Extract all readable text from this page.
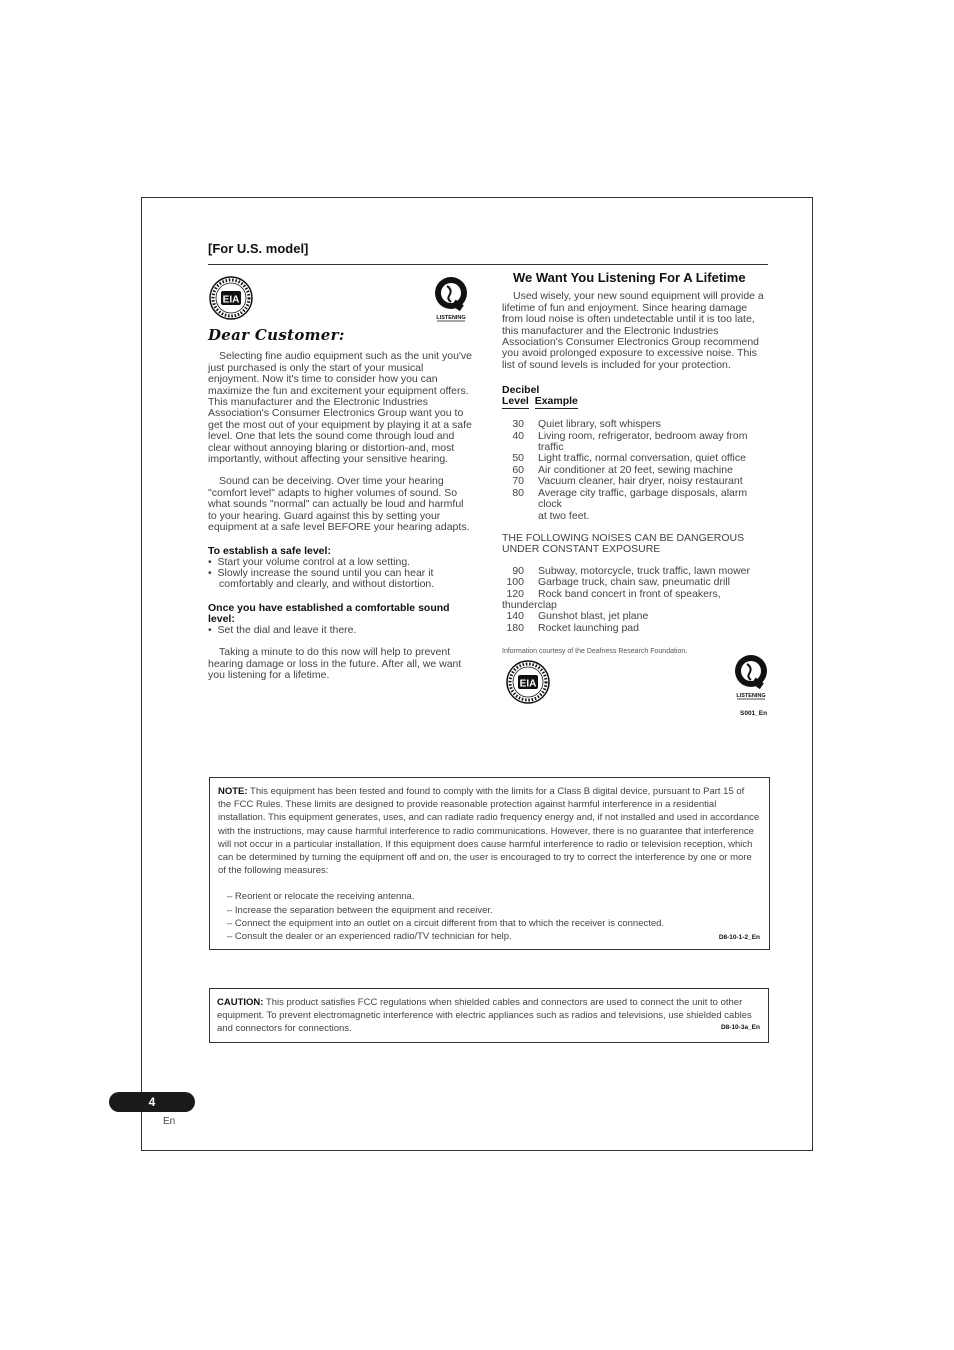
[For U.S. model]
EIA
LISTENING
Dear Customer:

Selecting fine audio equipment such as the unit you've just purchased is only the start of your musical enjoyment. Now it's time to consider how you can maximize the fun and excitement your equipment offers. This manufacturer and the Electronic Industries Association's Consumer Electronics Group want you to get the most out of your equipment by playing it at a safe level. One that lets the sound come through loud and clear without annoying blaring or distortion-and, most importantly, without affecting your sensitive hearing.

Sound can be deceiving. Over time your hearing "comfort level" adapts to higher volumes of sound. So what sounds "normal" can actually be loud and harmful to your hearing. Guard against this by setting your equipment at a safe level BEFORE your hearing adapts.

To establish a safe level:
•  Start your volume control at a low setting.
•  Slowly increase the sound until you can hear it comfortably and clearly, and without distortion.
Once you have established a comfortable sound level:
•  Set the dial and leave it there.

Taking a minute to do this now will help to prevent hearing damage or loss in the future. After all, we want you listening for a lifetime.

We Want You Listening For A Lifetime

Used wisely, your new sound equipment will provide a lifetime of fun and enjoyment. Since hearing damage from loud noise is often undetectable until it is too late, this manufacturer and the Electronic Industries Association's Consumer Electronics Group recommend you avoid prolonged exposure to excessive noise. This list of sound levels is included for your protection.

Decibel
Level Example
30	Quiet library, soft whispers
40	Living room, refrigerator, bedroom away from traffic
50	Light traffic, normal conversation, quiet office
60	Air conditioner at 20 feet, sewing machine
70	Vacuum cleaner, hair dryer, noisy restaurant
80	Average city traffic, garbage disposals, alarm clock
	at two feet.

THE FOLLOWING NOISES CAN BE DANGEROUS UNDER CONSTANT EXPOSURE

90	Subway, motorcycle, truck traffic, lawn mower
100	Garbage truck, chain saw, pneumatic drill
120	Rock band concert in front of speakers,
thunderclap
140	Gunshot blast, jet plane
180	Rocket launching pad
Information courtesy of the Deafness Research Foundation.
EIA
LISTENING
S001_En
NOTE: This equipment has been tested and found to comply with the limits for a Class B digital device, pursuant to Part 15 of the FCC Rules. These limits are designed to provide reasonable protection against harmful interference in a residential installation. This equipment generates, uses, and can radiate radio frequency energy and, if not installed and used in accordance with the instructions, may cause harmful interference to radio communications. However, there is no guarantee that interference will not occur in a particular installation. If this equipment does cause harmful interference to radio or television reception, which can be determined by turning the equipment off and on, the user is encouraged to try to correct the interference by one or more of the following measures:
– Reorient or relocate the receiving antenna.
– Increase the separation between the equipment and receiver.
– Connect the equipment into an outlet on a circuit different from that to which the receiver is connected.
– Consult the dealer or an experienced radio/TV technician for help.	D8-10-1-2_En
CAUTION: This product satisfies FCC regulations when shielded cables and connectors are used to connect the unit to other equipment. To prevent electromagnetic interference with electric appliances such as radios and televisions, use shielded cables and connectors for connections.	D8-10-3a_En
4
En
